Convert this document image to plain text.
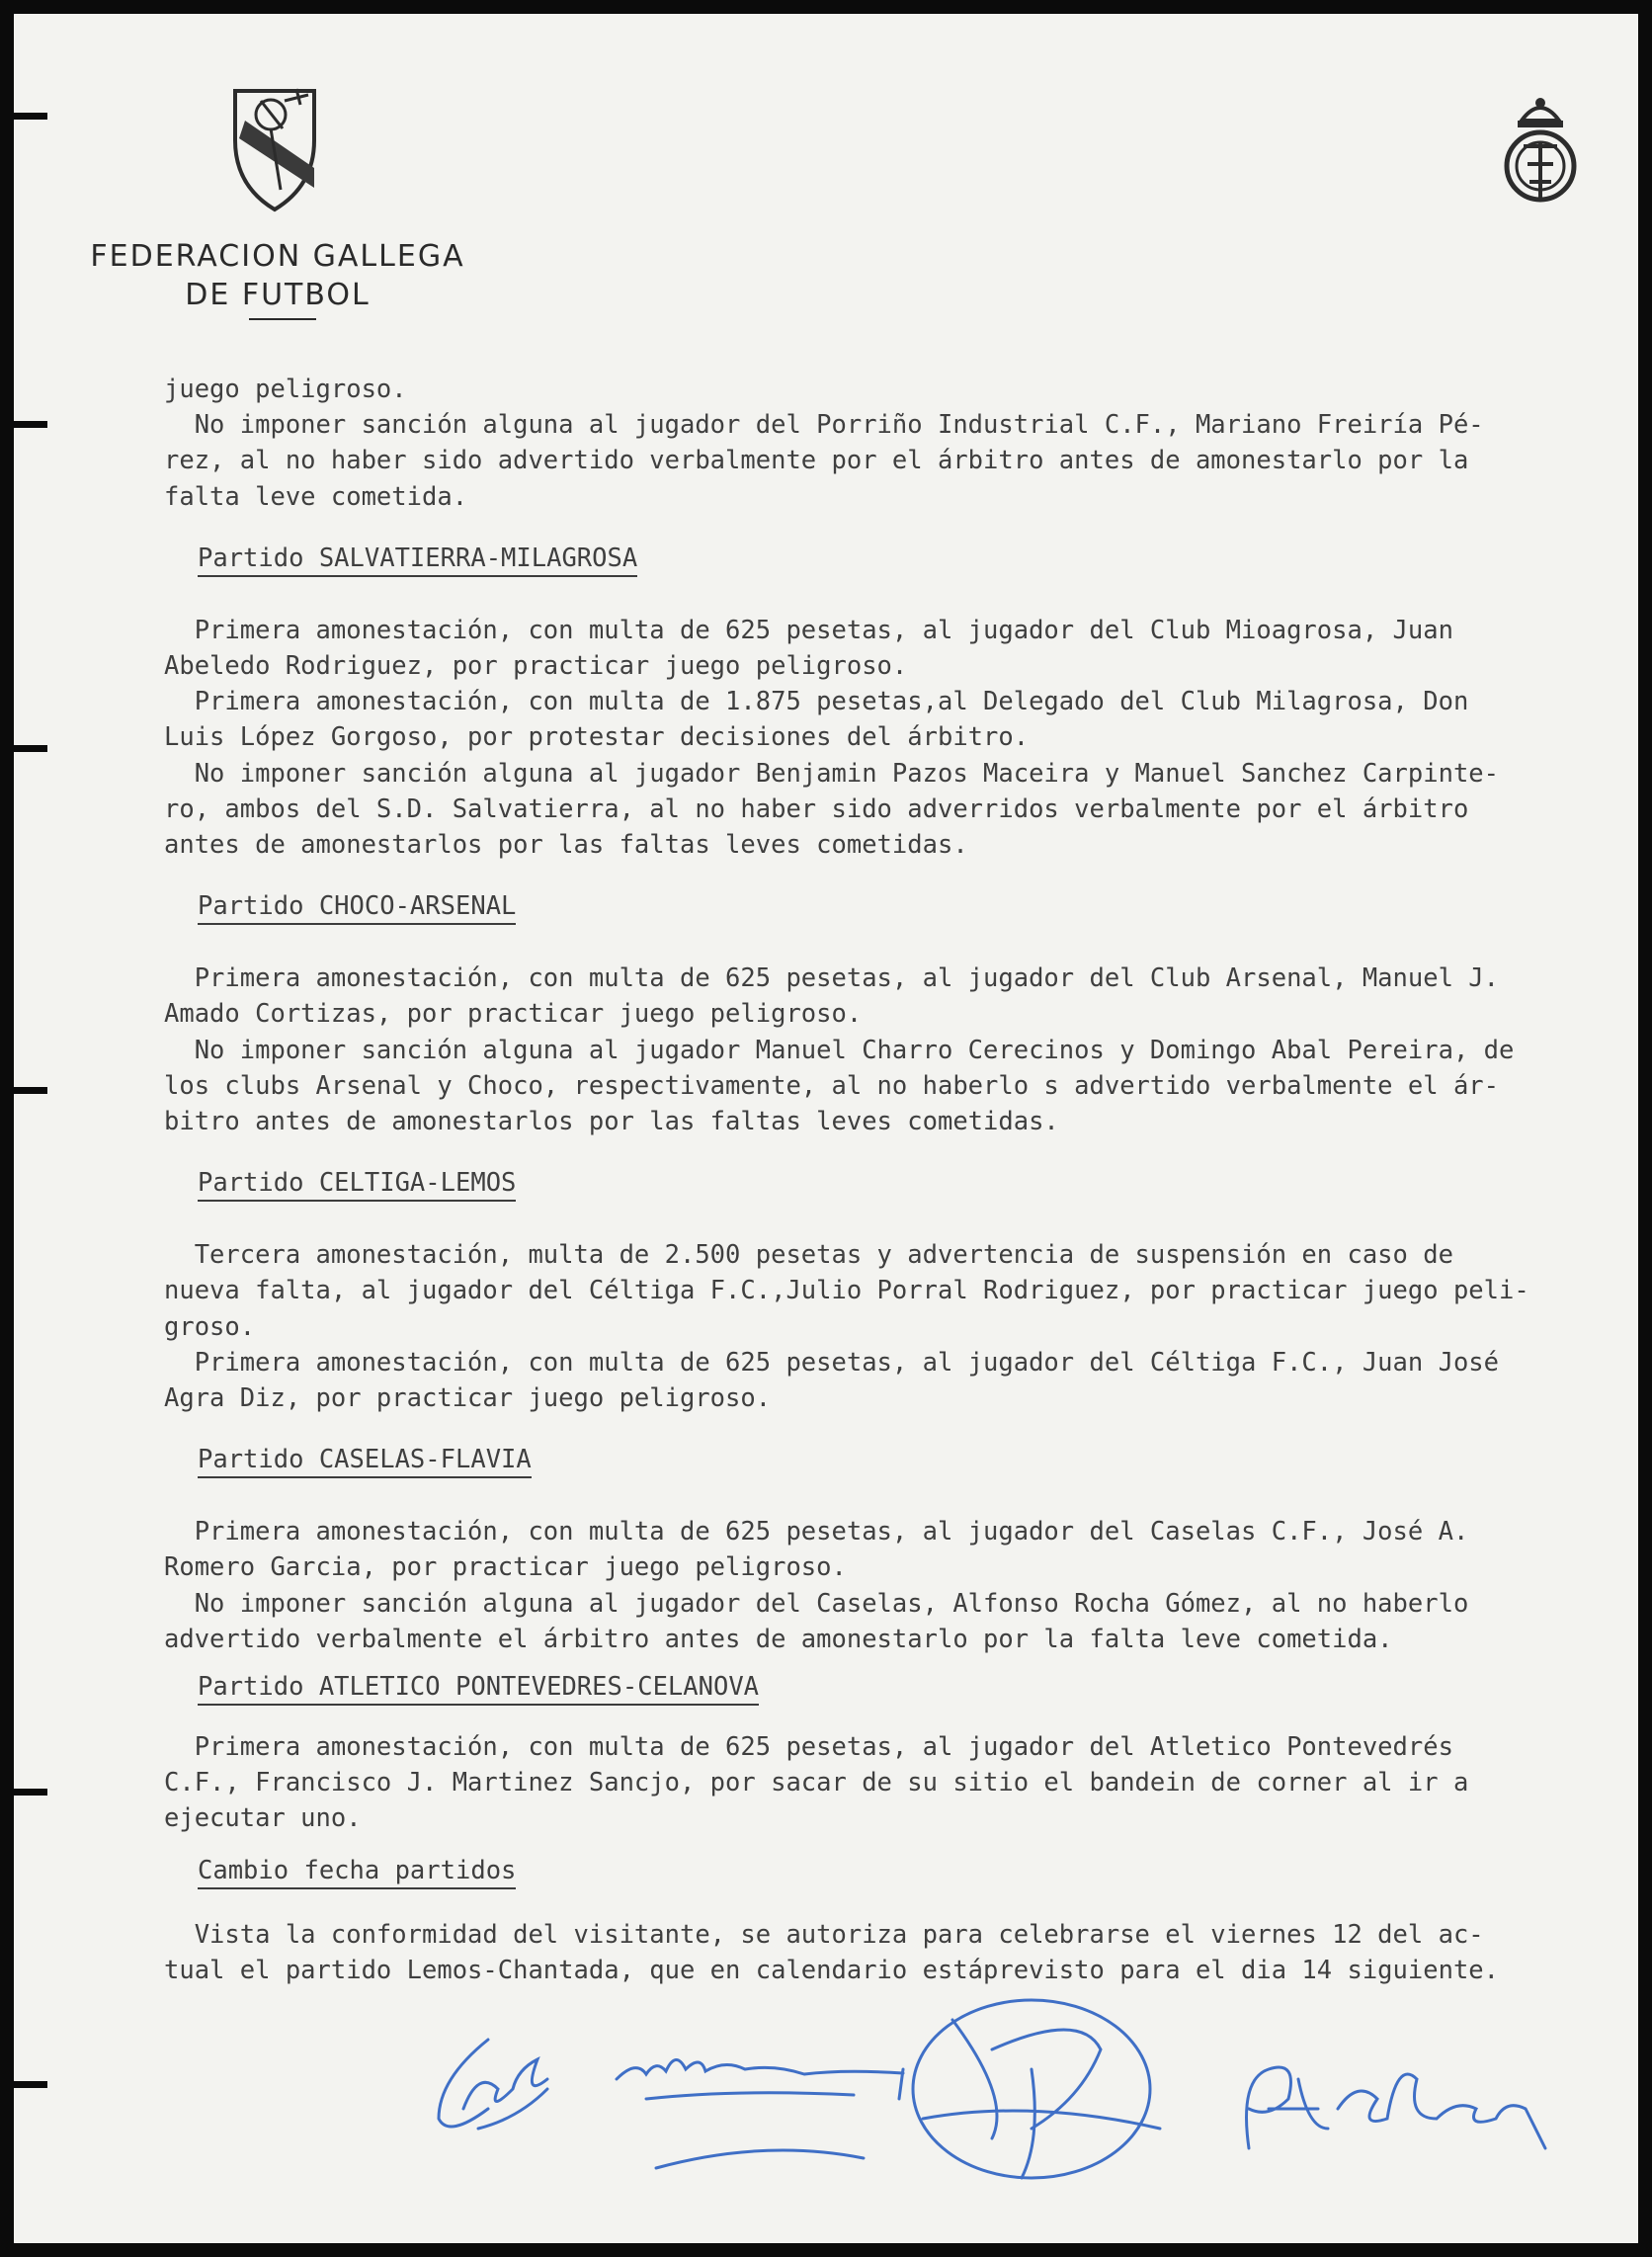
FEDERACION GALLEGA
DE FUTBOL
juego peligroso.
No imponer sanción alguna al jugador del Porriño Industrial C.F., Mariano Freiría Pé-
rez, al no haber sido advertido verbalmente por el árbitro antes de amonestarlo por la
falta leve cometida.
Partido SALVATIERRA-MILAGROSA
Primera amonestación, con multa de 625 pesetas, al jugador del Club Mioagrosa, Juan
Abeledo Rodriguez, por practicar juego peligroso.
Primera amonestación, con multa de 1.875 pesetas,al Delegado del Club Milagrosa, Don
Luis López Gorgoso, por protestar decisiones del árbitro.
No imponer sanción alguna al jugador Benjamin Pazos Maceira y Manuel Sanchez Carpinte-
ro, ambos del S.D. Salvatierra, al no haber sido adverridos verbalmente por el árbitro
antes de amonestarlos por las faltas leves cometidas.
Partido CHOCO-ARSENAL
Primera amonestación, con multa de 625 pesetas, al jugador del Club Arsenal, Manuel J.
Amado Cortizas, por practicar juego peligroso.
No imponer sanción alguna al jugador Manuel Charro Cerecinos y Domingo Abal Pereira, de
los clubs Arsenal y Choco, respectivamente, al no haberlo s advertido verbalmente el ár-
bitro antes de amonestarlos por las faltas leves cometidas.
Partido CELTIGA-LEMOS
Tercera amonestación, multa de 2.500 pesetas y advertencia de suspensión en caso de
nueva falta, al jugador del Céltiga F.C.,Julio Porral Rodriguez, por practicar juego peli-
groso.
Primera amonestación, con multa de 625 pesetas, al jugador del Céltiga F.C., Juan José
Agra Diz, por practicar juego peligroso.
Partido CASELAS-FLAVIA
Primera amonestación, con multa de 625 pesetas, al jugador del Caselas C.F., José A.
Romero Garcia, por practicar juego peligroso.
No imponer sanción alguna al jugador del Caselas, Alfonso Rocha Gómez, al no haberlo
advertido verbalmente el árbitro antes de amonestarlo por la falta leve cometida.
Partido ATLETICO PONTEVEDRES-CELANOVA
Primera amonestación, con multa de 625 pesetas, al jugador del Atletico Pontevedrés
C.F., Francisco J. Martinez Sancjo, por sacar de su sitio el bandein de corner al ir a
ejecutar uno.
Cambio fecha partidos
Vista la conformidad del visitante, se autoriza para celebrarse el viernes 12 del ac-
tual el partido Lemos-Chantada, que en calendario estáprevisto para el dia 14 siguiente.
